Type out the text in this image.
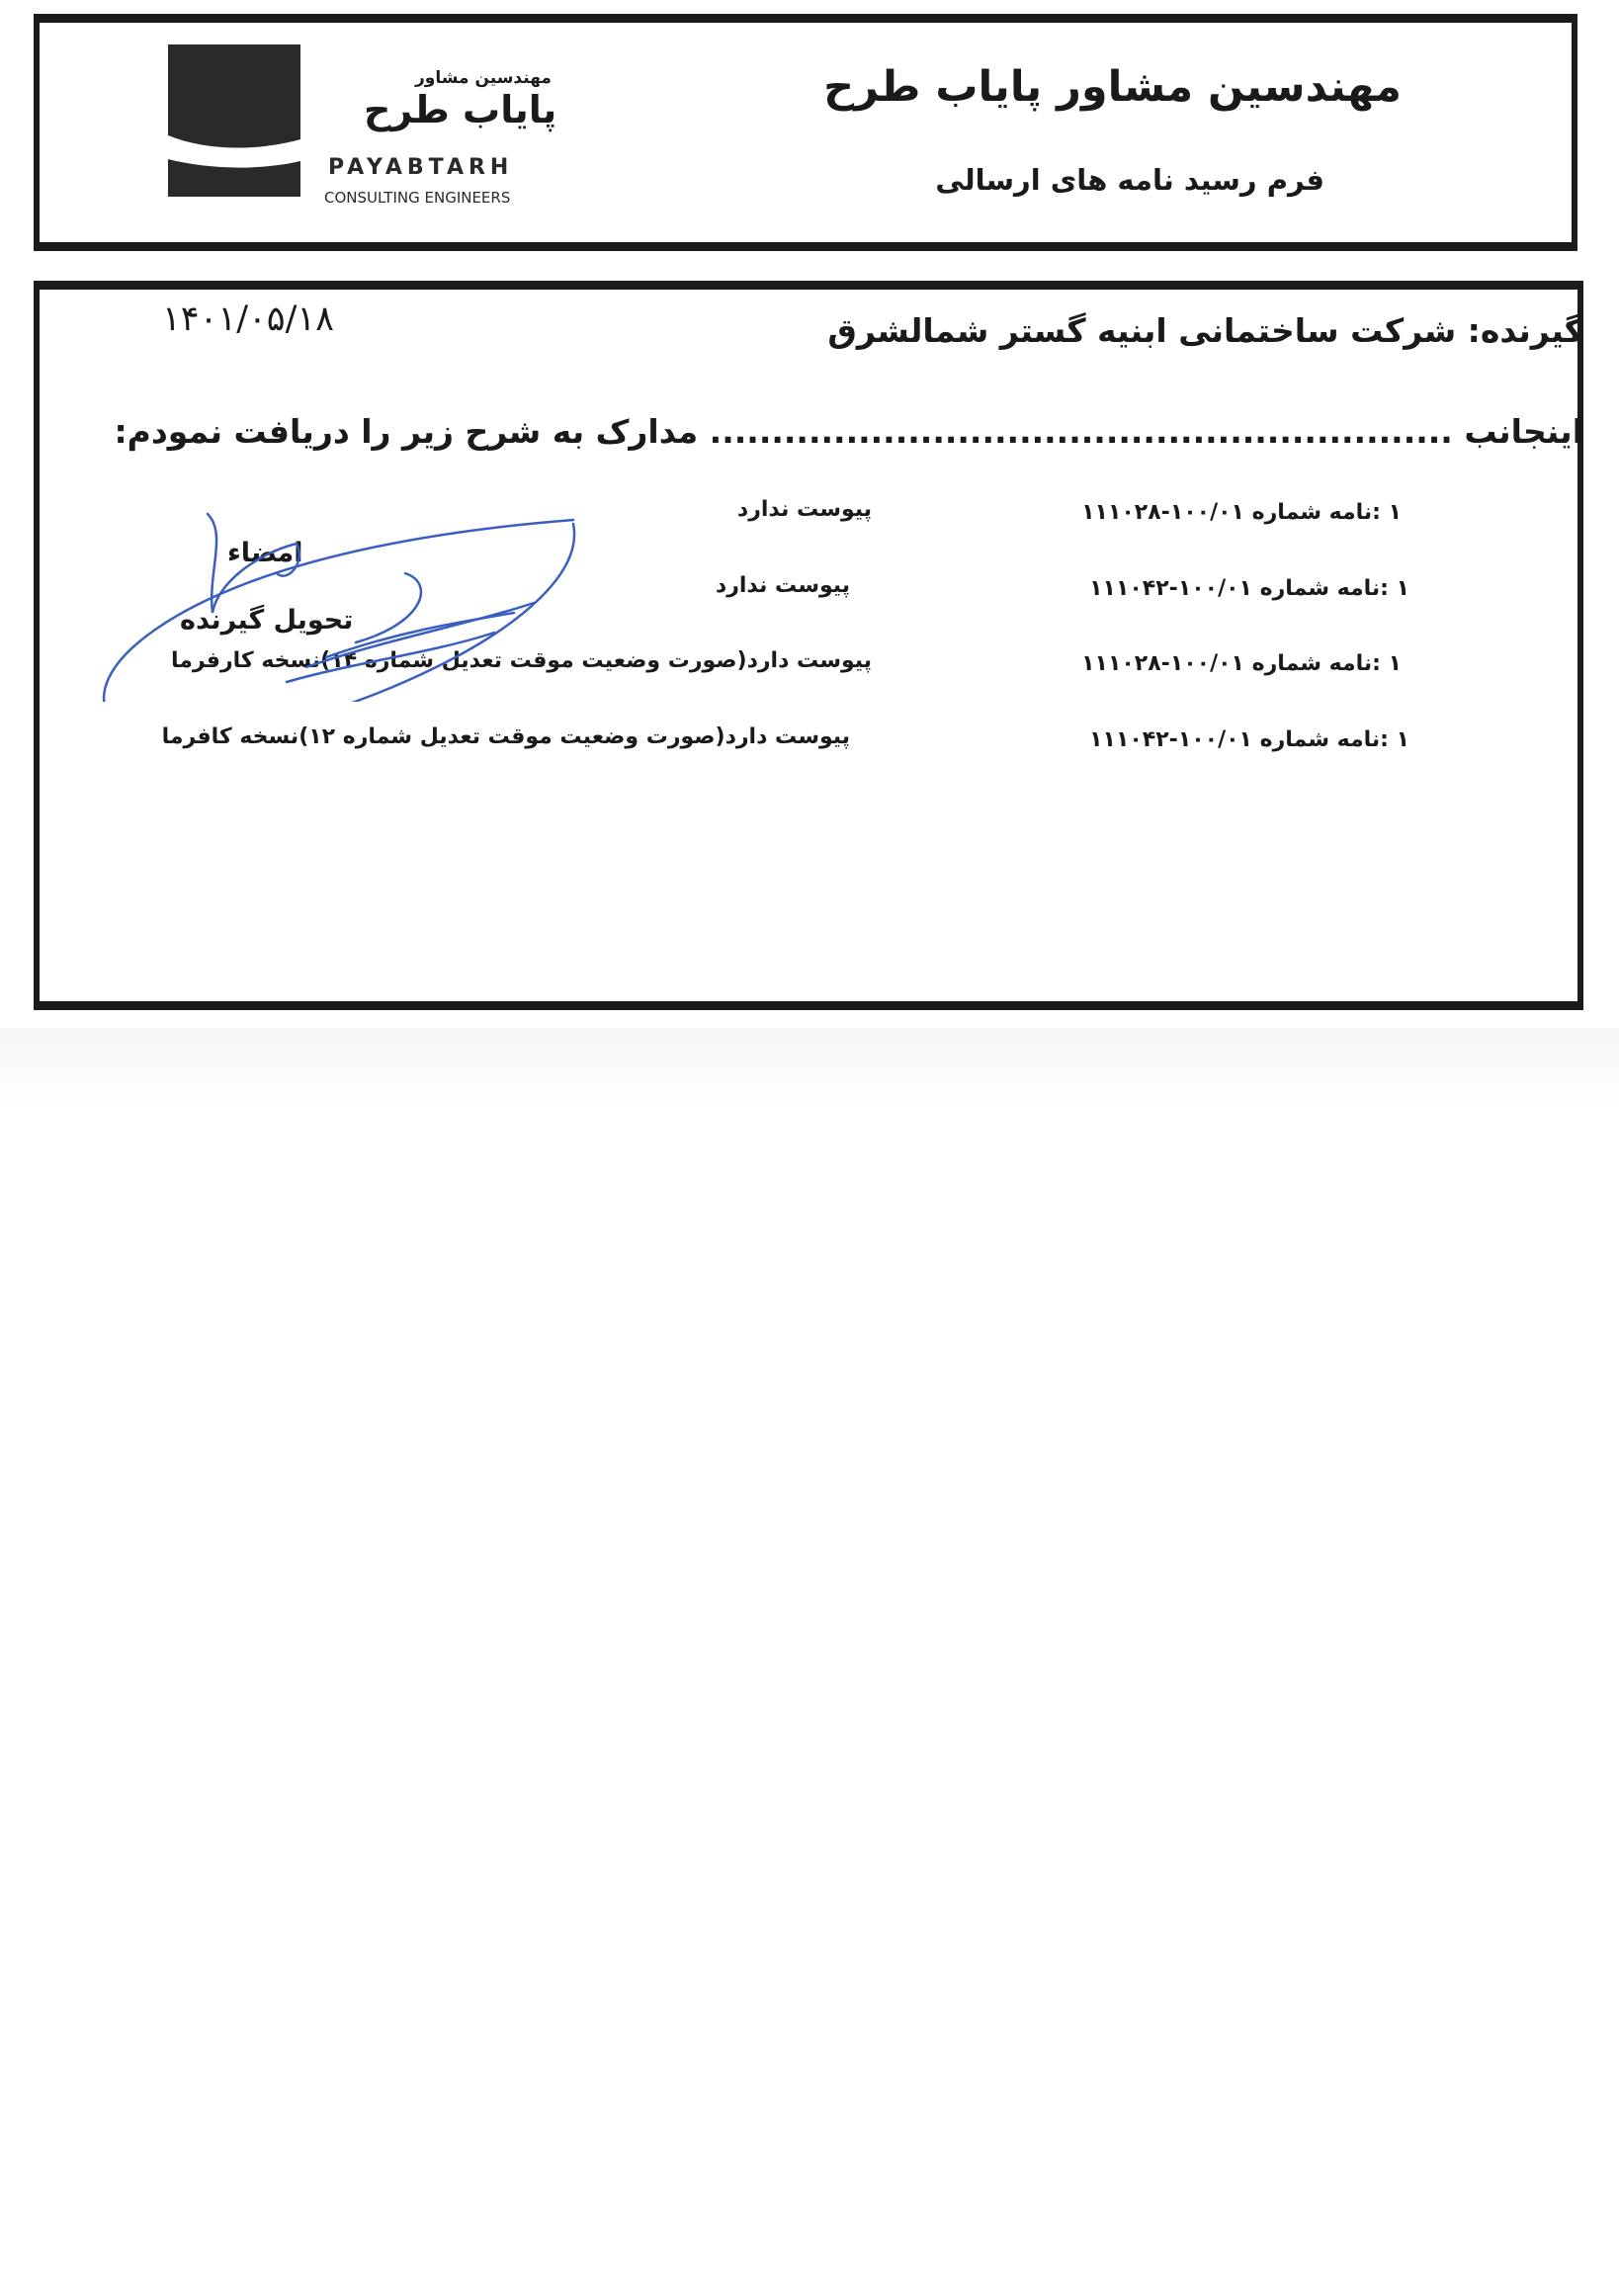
مهندسین مشاور
پایاب طرح
PAYABTARH
CONSULTING ENGINEERS
مهندسین مشاور پایاب طرح
فرم رسید نامه های ارسالی
گیرنده: شرکت ساختمانی ابنیه گستر شمالشرق
۱۴۰۱/۰۵/۱۸
اینجانب ............................................................ مدارک به شرح زیر را دریافت نمودم:
۱ :نامه شماره ۱۰۰/۰۱-۱۱۱۰۲۸
پیوست ندارد
۱ :نامه شماره ۱۰۰/۰۱-۱۱۱۰۴۲
پیوست ندارد
۱ :نامه شماره ۱۰۰/۰۱-۱۱۱۰۲۸
پیوست دارد(صورت وضعیت موقت تعدیل شماره ۱۴)نسخه کارفرما
۱ :نامه شماره ۱۰۰/۰۱-۱۱۱۰۴۲
پیوست دارد(صورت وضعیت موقت تعدیل شماره ۱۲)نسخه کافرما
امضاء
تحویل گیرنده
